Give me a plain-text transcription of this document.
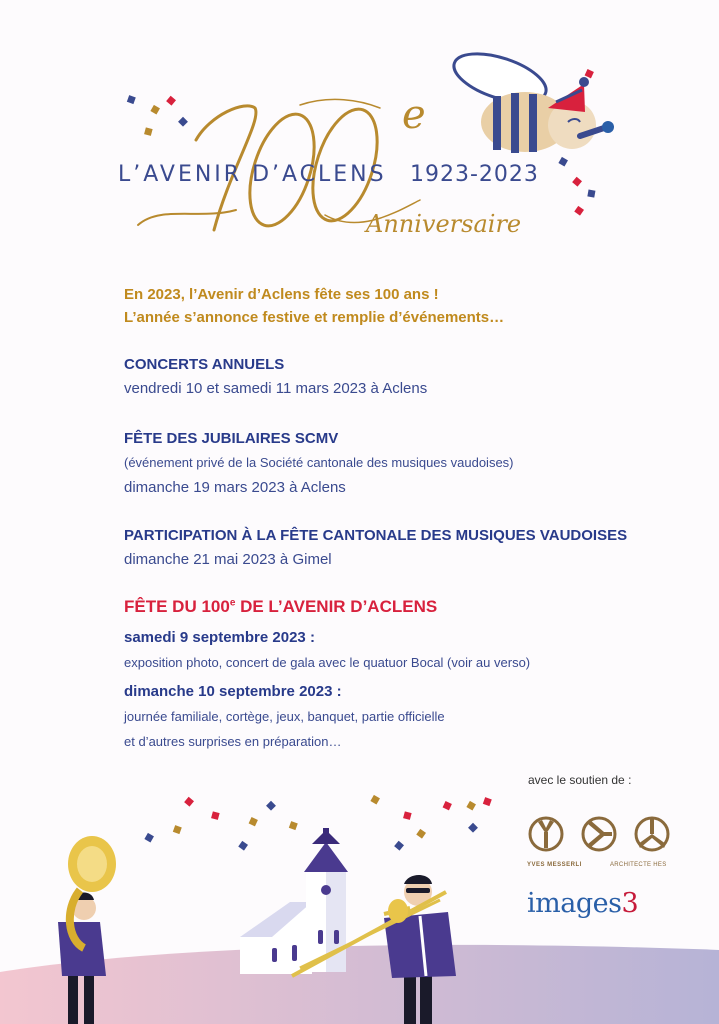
L’AVENIR D’ACLENS	1923-2023
Anniversaire
e
En 2023, l’Avenir d’Aclens fête ses 100 ans !
L’année s’annonce festive et remplie d’événements…
CONCERTS ANNUELS
vendredi 10 et samedi 11 mars 2023 à Aclens
FÊTE DES JUBILAIRES SCMV
(événement privé de la Société cantonale des musiques vaudoises)
dimanche 19 mars 2023 à Aclens
PARTICIPATION À LA FÊTE CANTONALE DES MUSIQUES VAUDOISES
dimanche 21 mai 2023 à Gimel
FÊTE DU 100e DE L’AVENIR D’ACLENS
samedi 9 septembre 2023 :
exposition photo, concert de gala avec le quatuor Bocal (voir au verso)
dimanche 10 septembre 2023 :
journée familiale, cortège, jeux, banquet, partie officielle
et d’autres surprises en préparation…
avec le soutien de :
YVES MESSERLI	ARCHITECTE HES
images3
